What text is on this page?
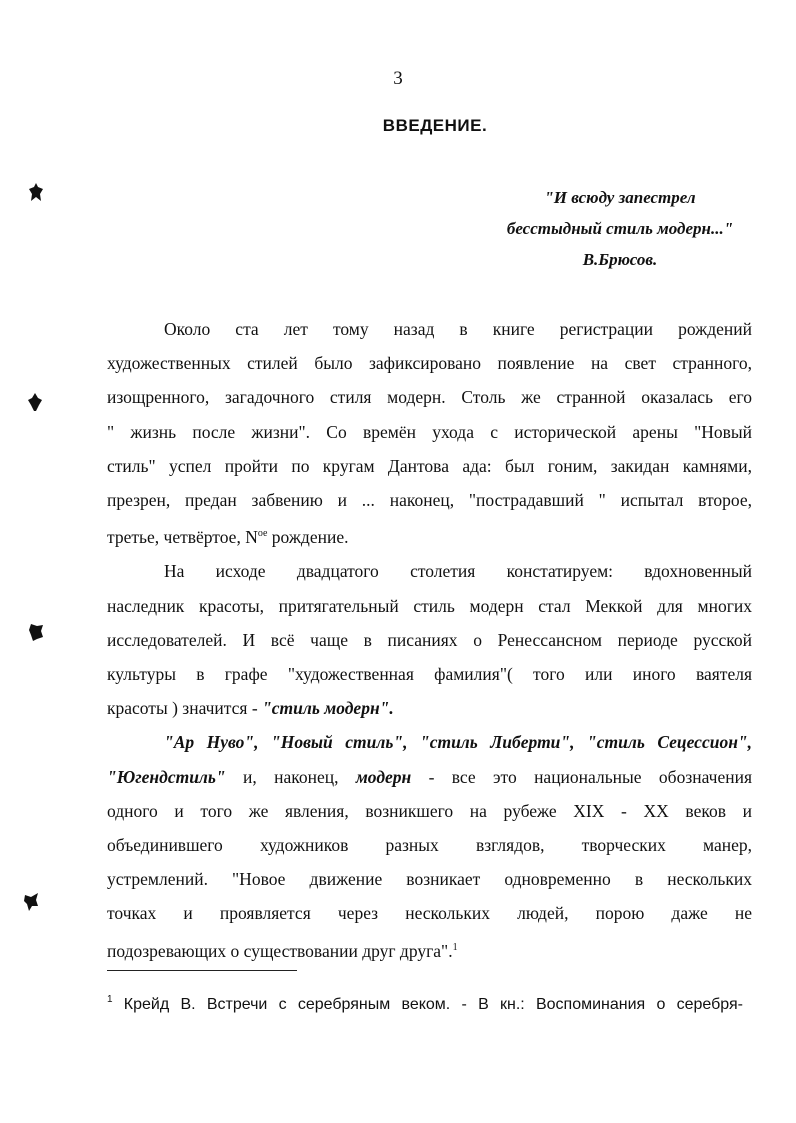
3
ВВЕДЕНИЕ.
"И всюду запестрел
бесстыдный стиль модерн..."
В.Брюсов.

Около ста лет тому назад в книге регистрации рождений
художественных стилей было зафиксировано появление на свет странного,
изощренного, загадочного стиля модерн. Столь же странной оказалась его
" жизнь после жизни". Со времён ухода с исторической арены "Новый
стиль" успел пройти по кругам Дантова ада: был гоним, закидан камнями,
презрен, предан забвению и ... наконец, "пострадавший " испытал второе,
третье, четвёртое, $N^{ое}$ рождение.

На исходе двадцатого столетия констатируем: вдохновенный
наследник красоты, притягательный стиль модерн стал Меккой для многих
исследователей. И всё чаще в писаниях о Ренессансном периоде русской
культуры в графе "художественная фамилия"( того или иного ваятеля
красоты ) значится - "стиль модерн".

"Ар Нуво", "Новый стиль", "стиль Либерти", "стиль Сецессион",
"Югендстиль" и, наконец, модерн - все это национальные обозначения
одного и того же явления, возникшего на рубеже XIX - XX веков и
объединившего художников разных взглядов, творческих манер,
устремлений. "Новое движение возникает одновременно в нескольких
точках и проявляется через нескольких людей, порою даже не
подозревающих о существовании друг друга".$^1$

$^1$ Крейд В. Встречи с серебряным веком. - В кн.: Воспоминания о серебря-
